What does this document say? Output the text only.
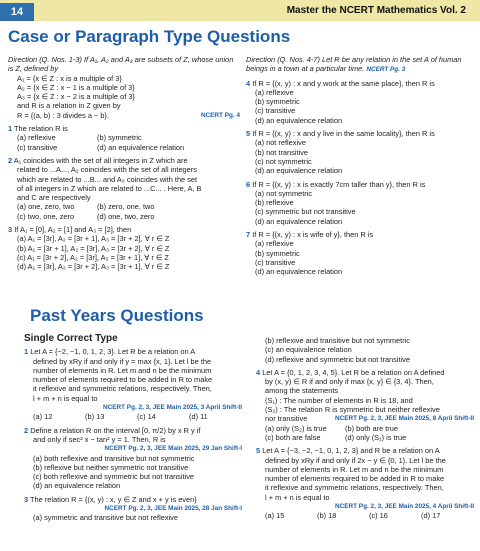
14	Master the NCERT Mathematics Vol. 2
Case or Paragraph Type Questions

Direction (Q. Nos. 1-3) If A₁, A₂ and A₃ are subsets of Z, whose union is Z, defined by

A₁ = {x ∈ Z : x is a multiple of 3}

A₂ = {x ∈ Z : x − 1 is a multiple of 3}

A₃ = {x ∈ Z : x − 2 is a multiple of 3}

and R is a relation in Z given by

R = {(a, b) : 3 divides a − b}.	NCERT Pg. 4

1 The relation R is

(a) reflexive	(b) symmetric
(c) transitive	(d) an equivalence relation

2 A₁ coincides with the set of all integers in Z which are

related to ...A..., A₂ coincides with the set of all integers

which are related to ...B... and A₃ coincides with the set

of all integers in Z which are related to ...C... . Here, A, B

and C are respectively

(a) one, zero, two	(b) zero, one, two
(c) two, one, zero	(d) one, two, zero

3 If A₁ = [0], A₂ = [1] and A₃ = [2], then

(a) A₁ = [3r], A₂ = [3r + 1], A₃ = [3r + 2], ∀ r ∈ Z

(b) A₁ = [3r + 1], A₂ = [3r], A₃ = [3r + 2], ∀ r ∈ Z

(c) A₁ = [3r + 2], A₂ = [3r], A₃ = [3r + 1], ∀ r ∈ Z

(d) A₁ = [3r], A₂ = [3r + 2], A₃ = [3r + 1], ∀ r ∈ Z

Direction (Q. Nos. 4-7) Let R be any relation in the set A of human beings in a town at a particular time. NCERT Pg. 3

4 If R = {(x, y) : x and y work at the same place}, then R is

(a) reflexive

(b) symmetric

(c) transitive

(d) an equivalence relation

5 If R = {(x, y) : x and y live in the same locality}, then R is

(a) not reflexive

(b) not transitive

(c) not symmetric

(d) an equivalence relation

6 If R = {(x, y) : x is exactly 7cm taller than y}, then R is

(a) not symmetric

(b) reflexive

(c) symmetric but not transitive

(d) an equivalence relation

7 If R = {(x, y) : x is wife of y}, then R is

(a) reflexive

(b) symmetric

(c) transitive

(d) an equivalence relation

Past Years Questions

Single Correct Type

1 Let A = {−2, −1, 0, 1, 2, 3}. Let R be a relation on A

defined by xRy if and only if y = max {x, 1}. Let l be the

number of elements in R. Let m and n be the minimum

number of elements required to be added in R to make

it reflexive and symmetric relations, respectively. Then,

l + m + n is equal to

NCERT Pg. 2, 3, JEE Main 2025, 3 April Shift-II

(a) 12	(b) 13	(c) 14	(d) 11

2 Define a relation R on the interval [0, π/2) by x R y if

and only if sec² x − tan² y = 1. Then, R is

NCERT Pg. 2, 3, JEE Main 2025, 29 Jan Shift-I

(a) both reflexive and transitive but not symmetric

(b) reflexive but neither symmetric not transitive

(c) both reflexive and symmetric but not transitive

(d) an equivalence relation

3 The relation R = {(x, y) : x, y ∈ Z and x + y is even}

NCERT Pg. 2, 3, JEE Main 2025, 28 Jan Shift-I

(a) symmetric and transitive but not reflexive

(b) reflexive and transitive but not symmetric

(c) an equivalence relation

(d) reflexive and symmetric but not transitive

4 Let A = {0, 1, 2, 3, 4, 5}. Let R be a relation on A defined

by (x, y) ∈ R if and only if max {x, y} ∈ {3, 4}. Then,

among the statements

(S₁) : The number of elements in R is 18, and

(S₂) : The relation R is symmetric but neither reflexive

nor transitive	NCERT Pg. 2, 3, JEE Main 2025, 8 April Shift-II

(a) only (S₂) is true	(b) both are true
(c) both are false	(d) only (S₁) is true

5 Let A = {−3, −2, −1, 0, 1, 2, 3} and R be a relation on A

defined by xRy if and only if 2x − y ∈ {0, 1}. Let l be the

number of elements in R. Let m and n be the minimum

number of elements required to be added in R to make

it reflexive and symmetric relations, respectively. Then,

l + m + n is equal to

NCERT Pg. 2, 3, JEE Main 2025, 4 April Shift-II

(a) 15	(b) 18	(c) 16	(d) 17
